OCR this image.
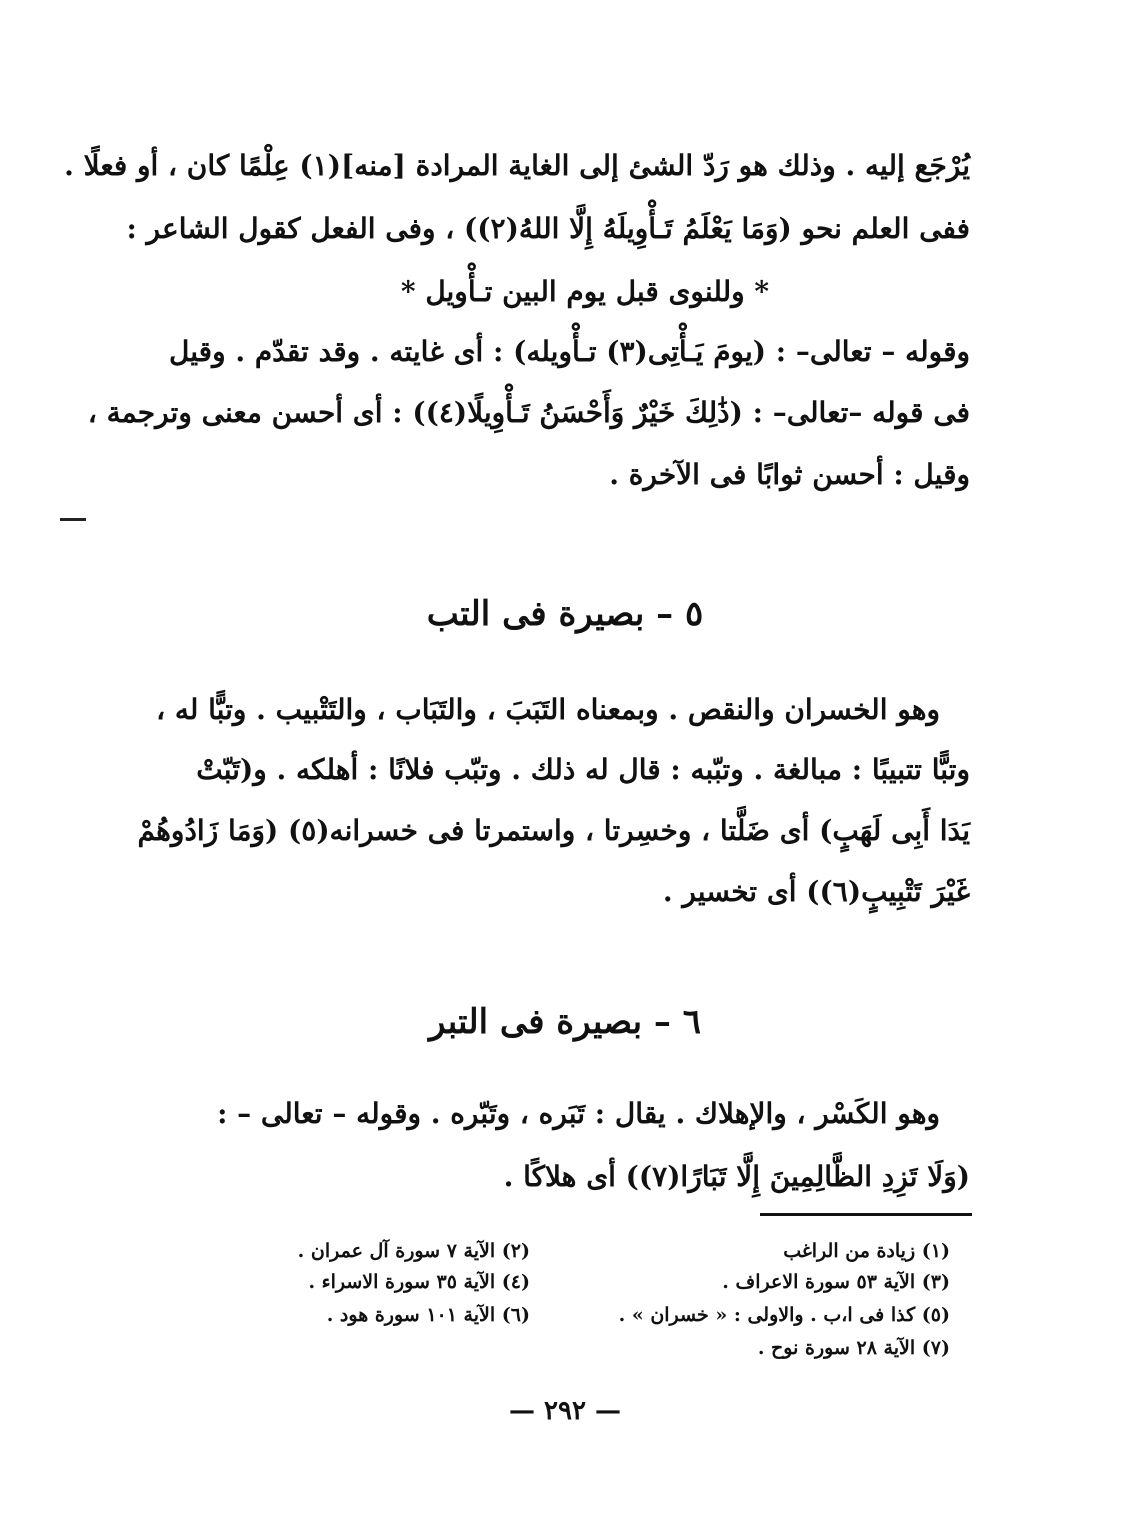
يُرْجَع إليه . وذلك هو رَدّ الشئ إلى الغاية المرادة [منه](١) عِلْمًا كان ، أو فعلًا .
ففى العلم نحو (وَمَا يَعْلَمُ تَـأْوِيلَهُ إِلَّا اللهُ(٢)) ، وفى الفعل كقول الشاعر :
* وللنوى قبل يوم البين تـأْويل *
وقوله – تعالى– : (يومَ يَـأْتِى(٣) تـأْويله) : أى غايته . وقد تقدّم . وقيل
فى قوله –تعالى– : (ذَٰلِكَ خَيْرٌ وَأَحْسَنُ تَـأْوِيلًا(٤)) : أى أحسن معنى وترجمة ،
وقيل : أحسن ثوابًا فى الآخرة .
٥ – بصيرة فى التب
وهو الخسران والنقص . وبمعناه التَبَبَ ، والتَبَاب ، والتَتْبيب . وتبًّا له ،
وتبًّا تتبيبًا : مبالغة . وتبّبه : قال له ذلك . وتبّب فلانًا : أهلكه . و(تَبّتْ
يَدَا أَبِى لَهَبٍ) أى ضَلَّتا ، وخسِرتا ، واستمرتا فى خسرانه(٥) (وَمَا زَادُوهُمْ
غَيْرَ تَتْبِيبٍ(٦)) أى تخسير .
٦ – بصيرة فى التبر
وهو الكَسْر ، والإهلاك . يقال : تَبَره ، وتَبّره . وقوله – تعالى – :
(وَلَا تَزِدِ الظَّالِمِينَ إِلَّا تَبَارًا(٧)) أى هلاكًا .
(١) زيادة من الراغب
(٣) الآية ٥٣ سورة الاعراف .
(٥) كذا فى ا،ب . والاولى : « خسران » .
(٧) الآية ٢٨ سورة نوح .
(٢) الآية ٧ سورة آل عمران .
(٤) الآية ٣٥ سورة الاسراء .
(٦) الآية ١٠١ سورة هود .
— ٢٩٢ —
